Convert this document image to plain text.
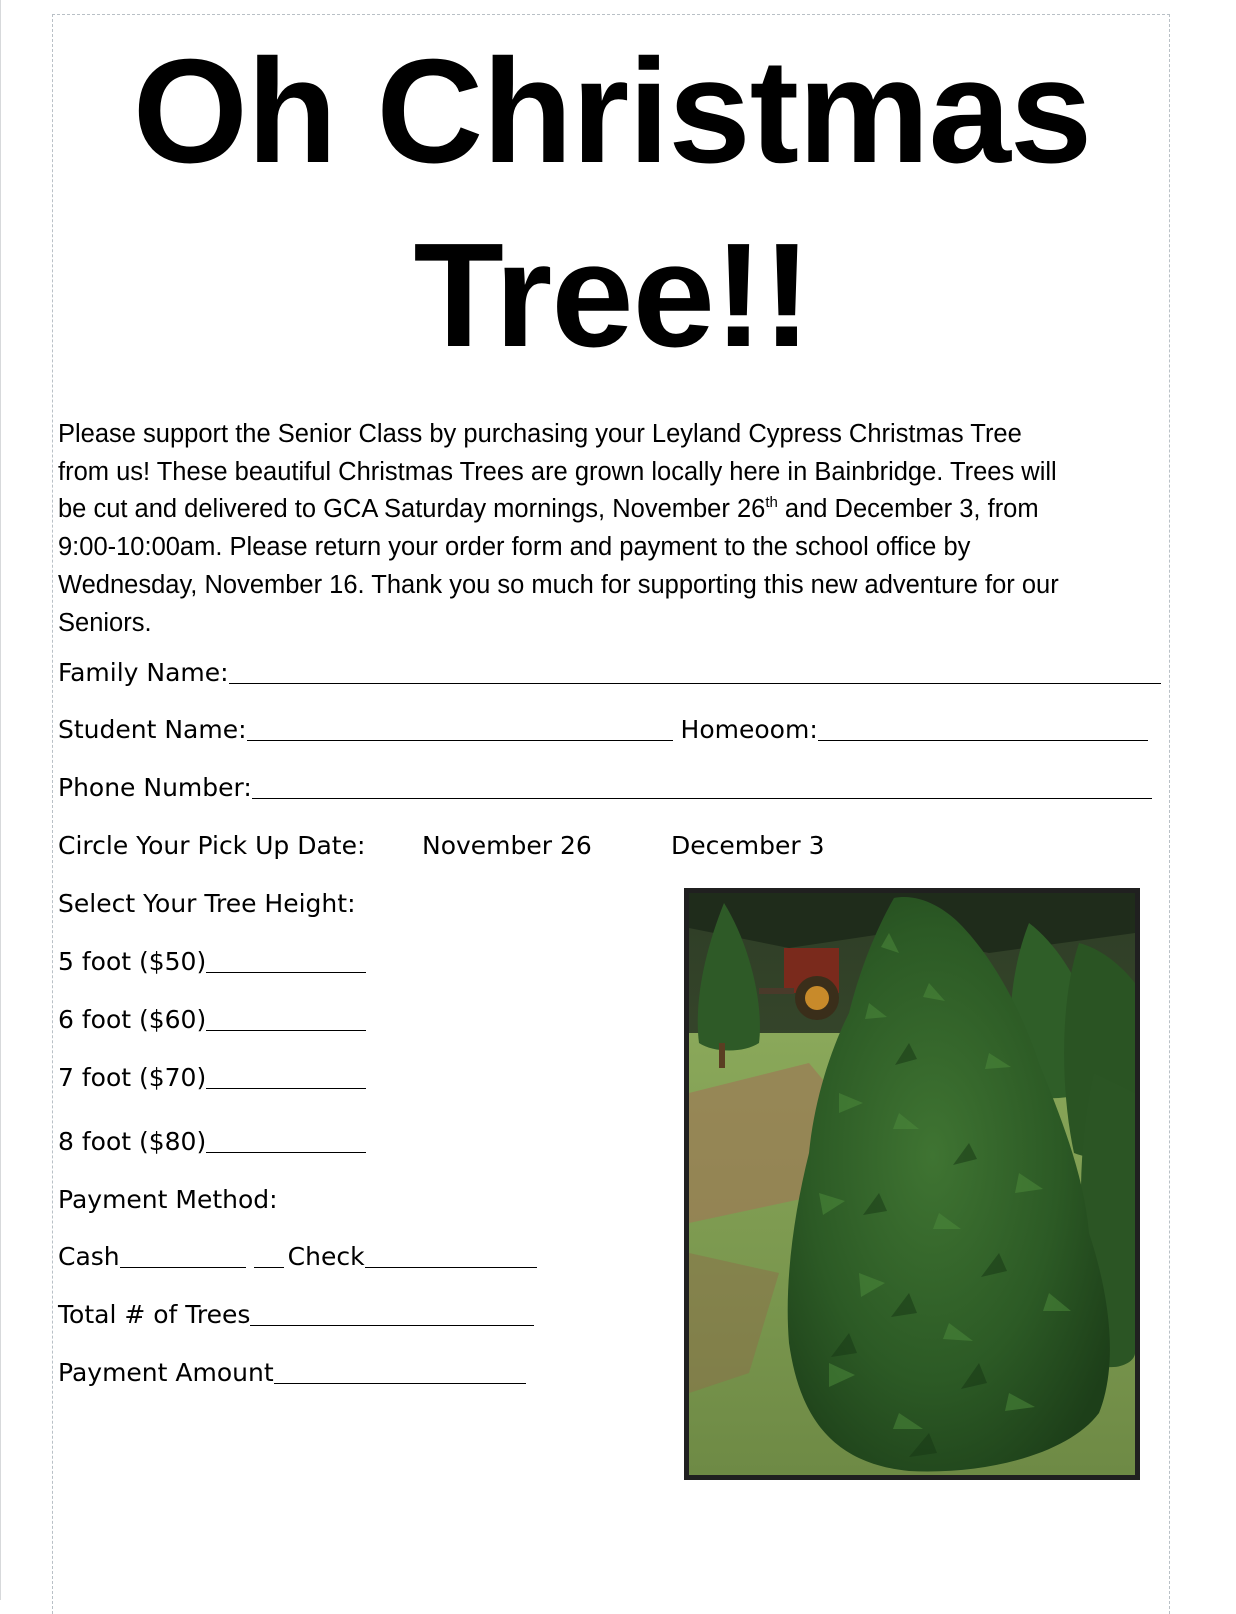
Oh Christmas
Tree!!
Please support the Senior Class by purchasing your Leyland Cypress Christmas Tree
from us! These beautiful Christmas Trees are grown locally here in Bainbridge. Trees will
be cut and delivered to GCA Saturday mornings, November 26th and December 3, from
9:00-10:00am. Please return your order form and payment to the school office by
Wednesday, November 16. Thank you so much for supporting this new adventure for our
Seniors.
Family Name:
Student Name:	Homeoom:
Phone Number:
Circle Your Pick Up Date: November 26	December 3
Select Your Tree Height:
5 foot ($50)
6 foot ($60)
7 foot ($70)
8 foot ($80)
Payment Method:
Cash	Check
Total # of Trees
Payment Amount
